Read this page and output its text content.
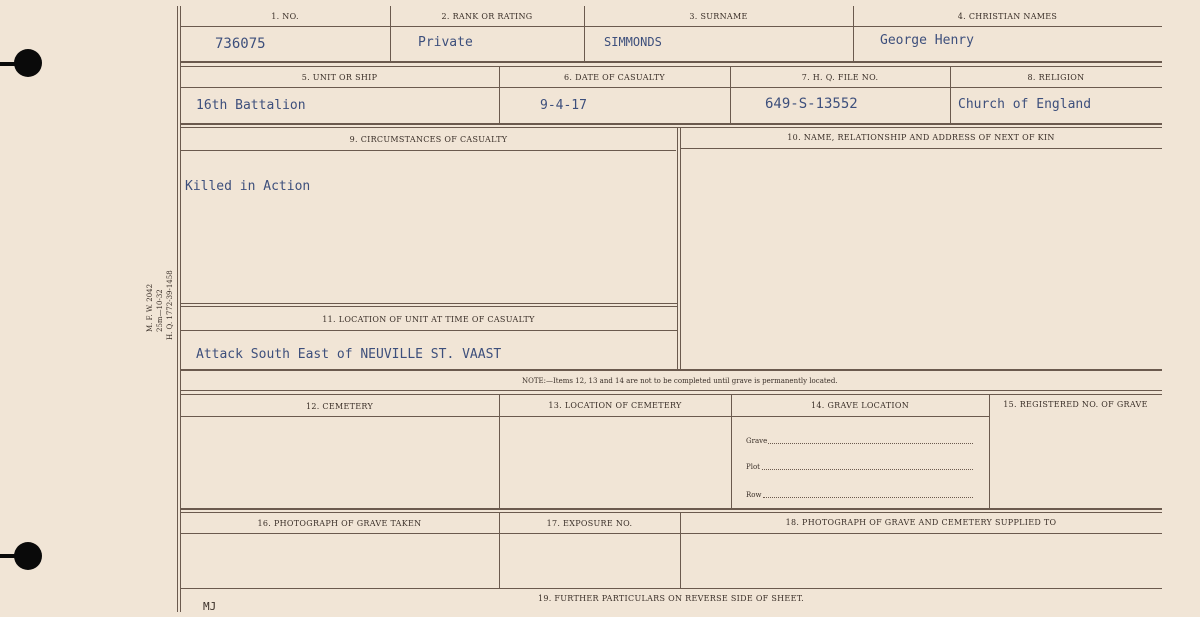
M. F. W. 2042 25m—10-32 H. Q. 1772-39-1458
1. NO.	2. RANK OR RATING	3. SURNAME	4. CHRISTIAN NAMES
736075	Private	SIMMONDS	George Henry
5. UNIT OR SHIP	6. DATE OF CASUALTY	7. H. Q. FILE NO.	8. RELIGION
16th Battalion	9-4-17	649-S-13552	Church of England
9. CIRCUMSTANCES OF CASUALTY	10. NAME, RELATIONSHIP AND ADDRESS OF NEXT OF KIN
Killed in Action
11. LOCATION OF UNIT AT TIME OF CASUALTY
Attack South East of NEUVILLE ST. VAAST
NOTE:—Items 12, 13 and 14 are not to be completed until grave is permanently located.
12. CEMETERY	13. LOCATION OF CEMETERY	14. GRAVE LOCATION	15. REGISTERED NO. OF GRAVE
Grave
Plot
Row
16. PHOTOGRAPH OF GRAVE TAKEN	17. EXPOSURE NO.	18. PHOTOGRAPH OF GRAVE AND CEMETERY SUPPLIED TO
19. FURTHER PARTICULARS ON REVERSE SIDE OF SHEET.
MJ
